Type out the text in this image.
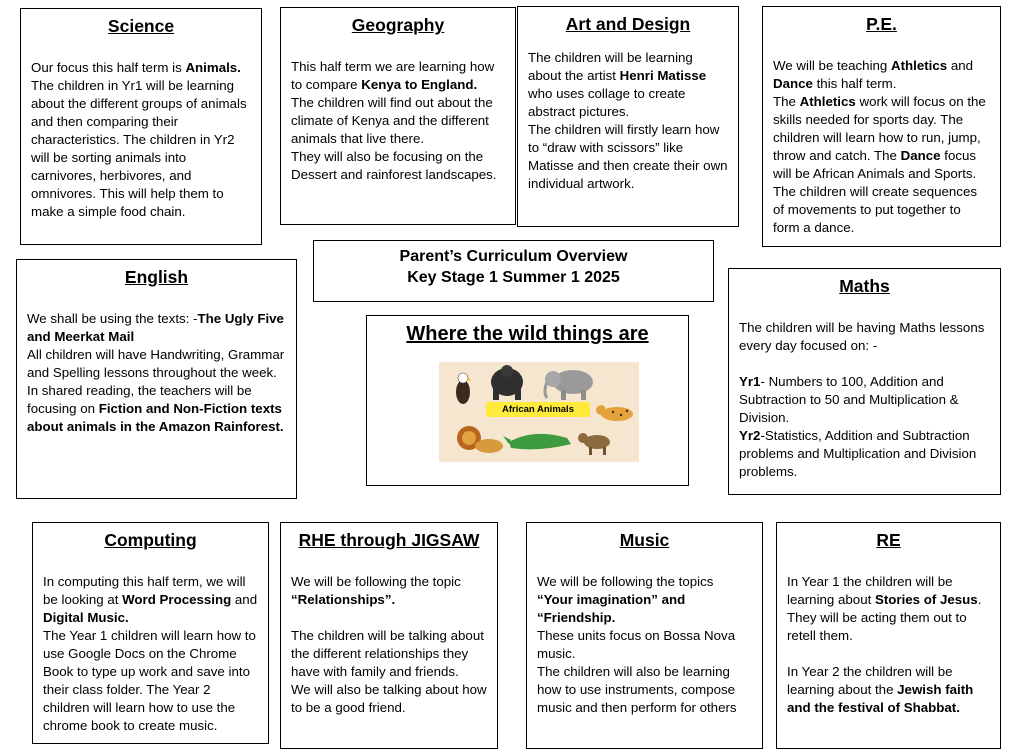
Science

Our focus this half term is Animals. The children in Yr1 will be learning about the different groups of animals and then comparing their characteristics. The children in Yr2 will be sorting animals into carnivores, herbivores, and omnivores. This will help them to make a simple food chain.

Geography

This half term we are learning how to compare Kenya to England.

The children will find out about the climate of Kenya and the different animals that live there.

They will also be focusing on the Dessert and rainforest landscapes.

Art and Design

The children will be learning about the artist Henri Matisse who uses collage to create abstract pictures.

The children will firstly learn how to “draw with scissors” like Matisse and then create their own individual artwork.

P.E.

We will be teaching Athletics and Dance this half term.

The Athletics work will focus on the skills needed for sports day. The children will learn how to run, jump, throw and catch. The Dance focus will be African Animals and Sports. The children will create sequences of movements to put together to form a dance.

Parent’s Curriculum Overview
Key Stage 1 Summer 1 2025
English

We shall be using the texts: -The Ugly Five and Meerkat Mail

All children will have Handwriting, Grammar and Spelling lessons throughout the week.

In shared reading, the teachers will be focusing on Fiction and Non-Fiction texts about animals in the Amazon Rainforest.

Where the wild things are
African Animals
Maths

The children will be having Maths lessons every day focused on: -

Yr1- Numbers to 100, Addition and Subtraction to 50 and Multiplication & Division.

Yr2-Statistics, Addition and Subtraction problems and Multiplication and Division problems.

Computing

In computing this half term, we will be looking at Word Processing and Digital Music.

The Year 1 children will learn how to use Google Docs on the Chrome Book to type up work and save into their class folder. The Year 2 children will learn how to use the chrome book to create music.

RHE through JIGSAW

We will be following the topic “Relationships”.

The children will be talking about the different relationships they have with family and friends.

We will also be talking about how to be a good friend.

Music

We will be following the topics “Your imagination” and “Friendship.

These units focus on Bossa Nova music.

The children will also be learning how to use instruments, compose music and then perform for others

RE

In Year 1 the children will be learning about Stories of Jesus. They will be acting them out to retell them.

In Year 2 the children will be learning about the Jewish faith and the festival of Shabbat.
